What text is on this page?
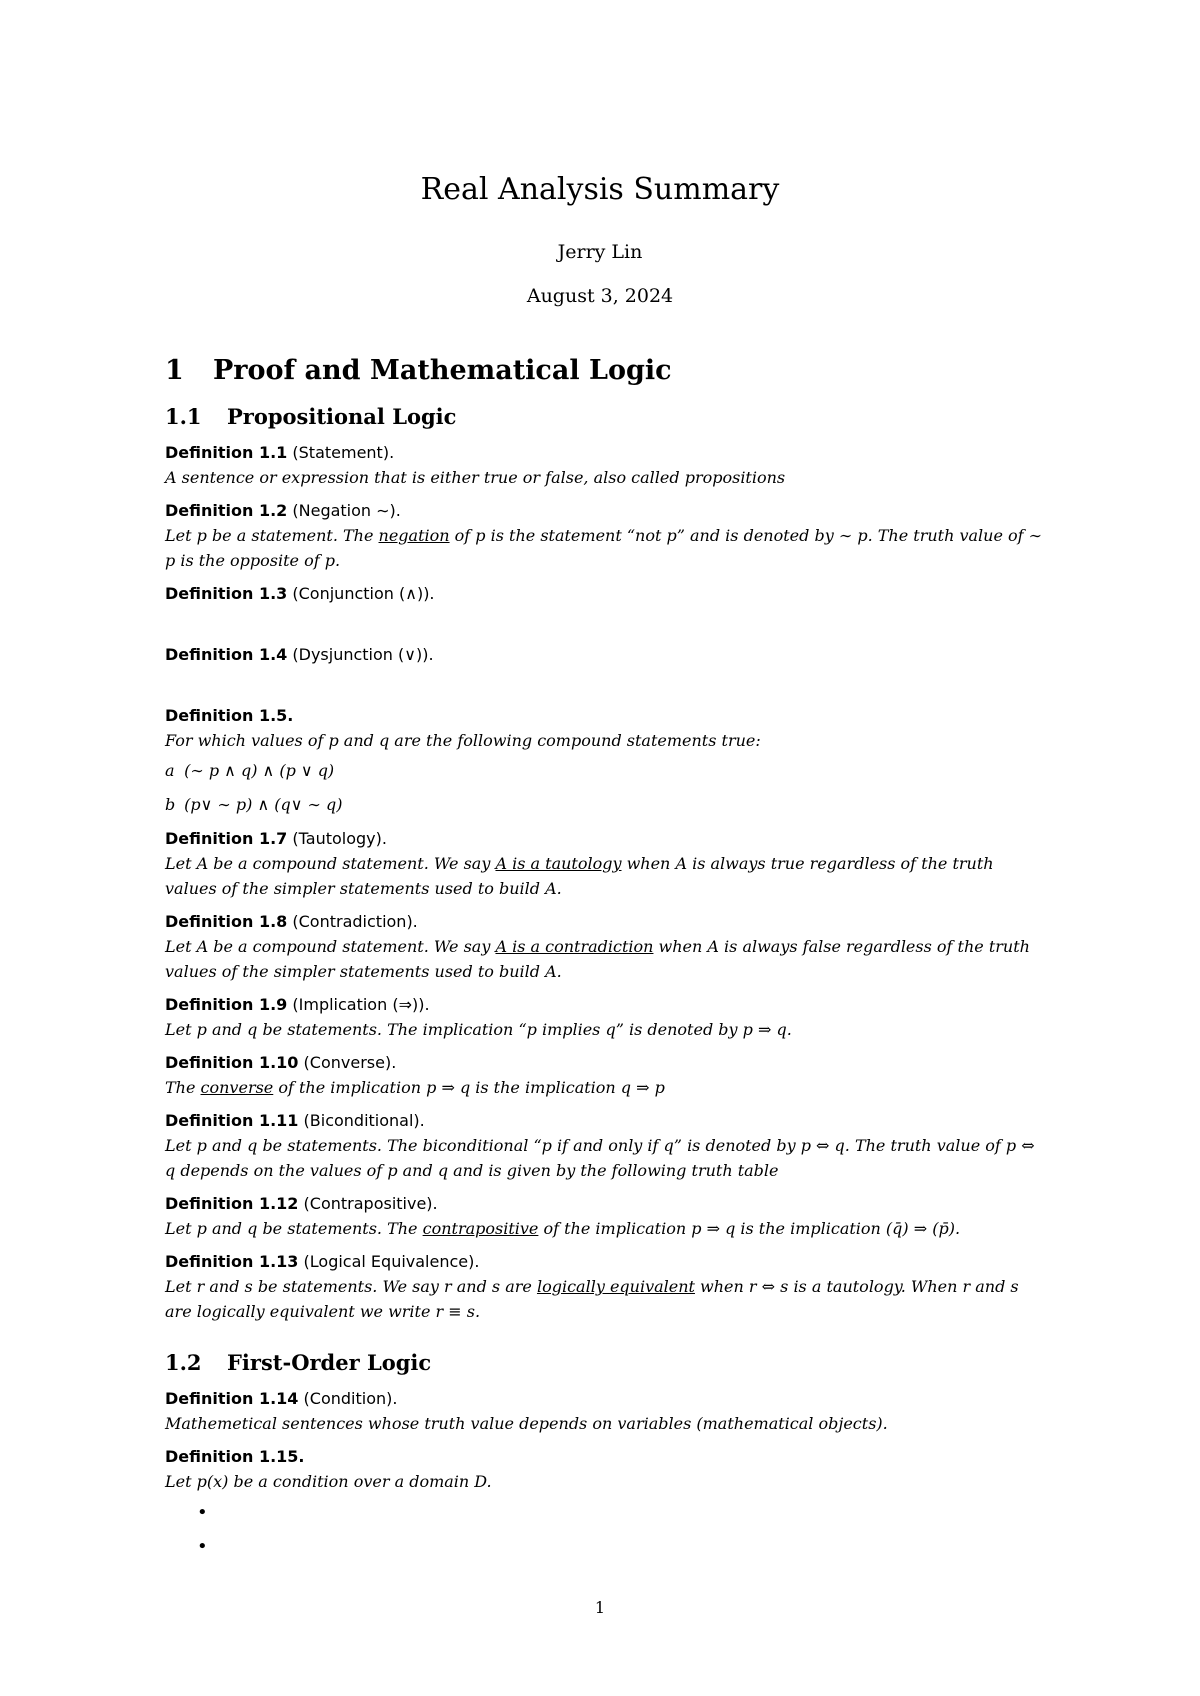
Real Analysis Summary
Jerry Lin
August 3, 2024
1 Proof and Mathematical Logic
1.1 Propositional Logic
Definition 1.1 (Statement).
A sentence or expression that is either true or false, also called propositions
Definition 1.2 (Negation ∼).
Let p be a statement. The negation of p is the statement “not p” and is denoted by ∼ p. The truth value of ∼ p is the opposite of p.
Definition 1.3 (Conjunction (∧)).
Definition 1.4 (Dysjunction (∨)).
Definition 1.5.
For which values of p and q are the following compound statements true:
a (∼ p ∧ q) ∧ (p ∨ q)
b (p∨ ∼ p) ∧ (q∨ ∼ q)
Definition 1.7 (Tautology).
Let A be a compound statement. We say A is a tautology when A is always true regardless of the truth values of the simpler statements used to build A.
Definition 1.8 (Contradiction).
Let A be a compound statement. We say A is a contradiction when A is always false regardless of the truth values of the simpler statements used to build A.
Definition 1.9 (Implication (⇒)).
Let p and q be statements. The implication “p implies q” is denoted by p ⇒ q.
Definition 1.10 (Converse).
The converse of the implication p ⇒ q is the implication q ⇒ p
Definition 1.11 (Biconditional).
Let p and q be statements. The biconditional “p if and only if q” is denoted by p ⇔ q. The truth value of p ⇔ q depends on the values of p and q and is given by the following truth table
Definition 1.12 (Contrapositive).
Let p and q be statements. The contrapositive of the implication p ⇒ q is the implication (q̄) ⇒ (p̄).
Definition 1.13 (Logical Equivalence).
Let r and s be statements. We say r and s are logically equivalent when r ⇔ s is a tautology. When r and s are logically equivalent we write r ≡ s.
1.2 First-Order Logic
Definition 1.14 (Condition).
Mathemetical sentences whose truth value depends on variables (mathematical objects).
Definition 1.15.
Let p(x) be a condition over a domain D.
•
•
1
